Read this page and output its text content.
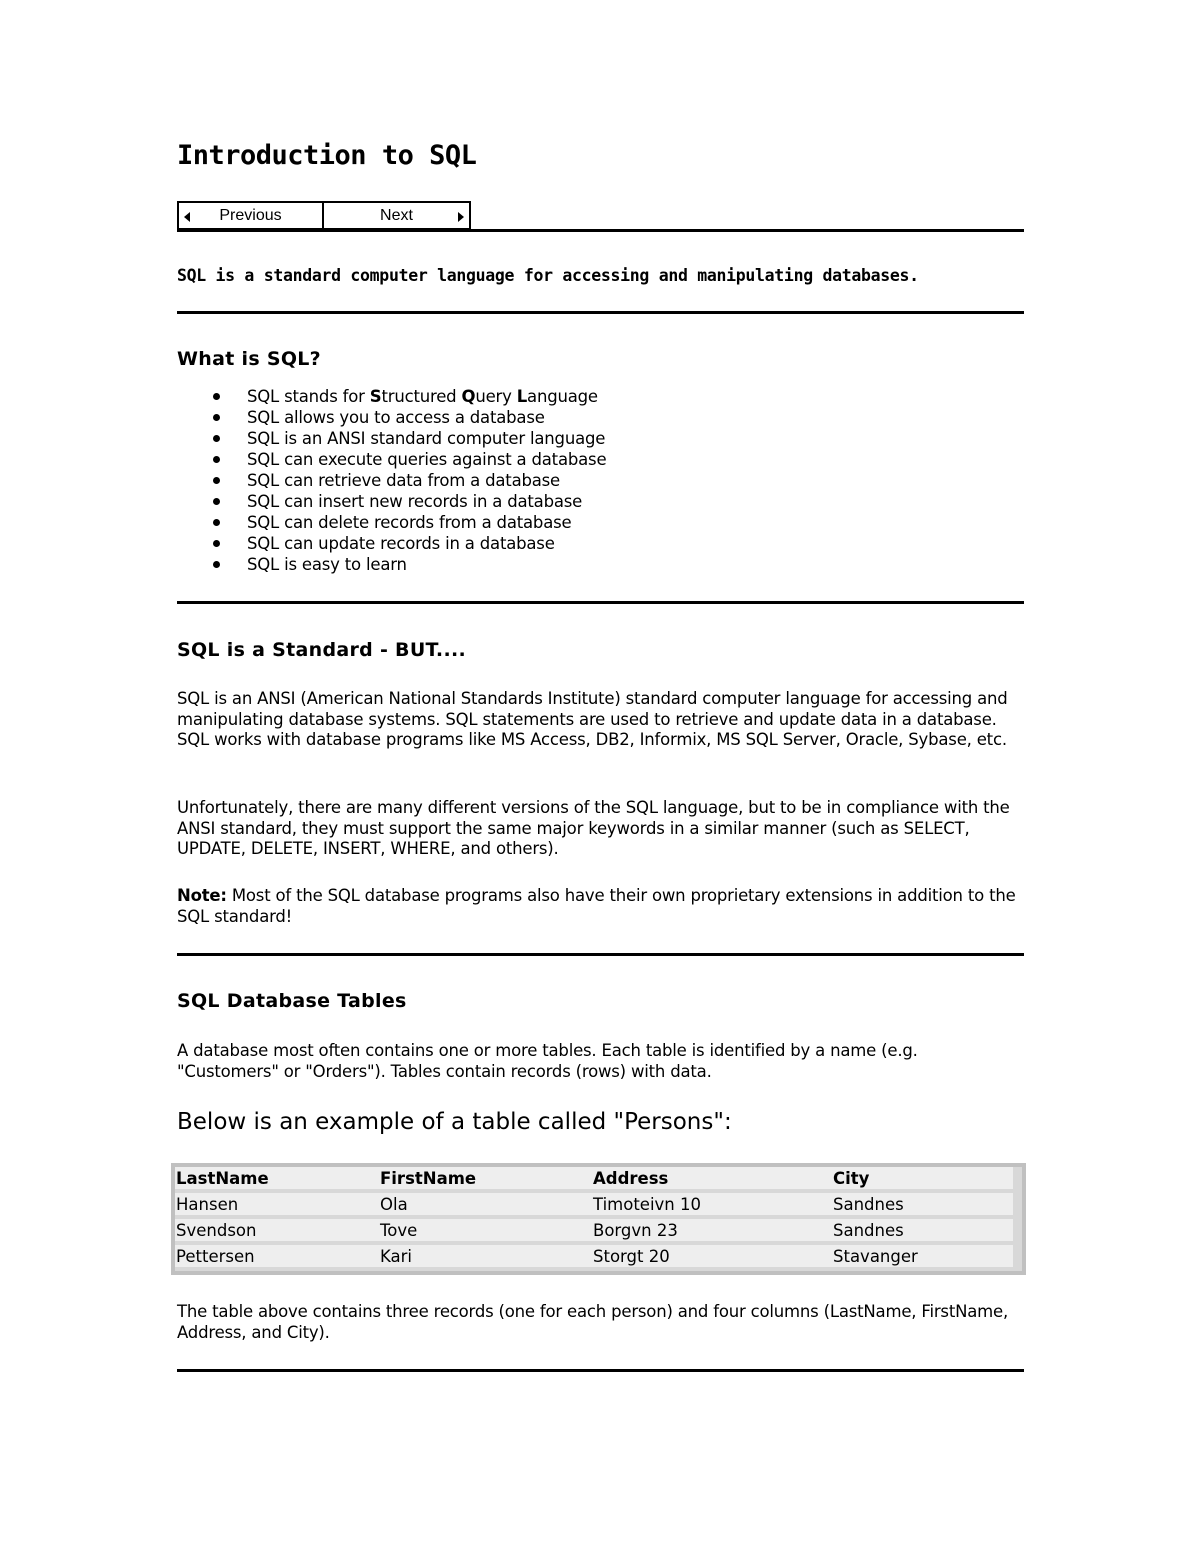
Introduction to SQL
Previous	Next

SQL is a standard computer language for accessing and manipulating databases.

What is SQL?
SQL stands for Structured Query Language
SQL allows you to access a database
SQL is an ANSI standard computer language
SQL can execute queries against a database
SQL can retrieve data from a database
SQL can insert new records in a database
SQL can delete records from a database
SQL can update records in a database
SQL is easy to learn
SQL is a Standard - BUT....

SQL is an ANSI (American National Standards Institute) standard computer language for accessing and manipulating database systems. SQL statements are used to retrieve and update data in a database. SQL works with database programs like MS Access, DB2, Informix, MS SQL Server, Oracle, Sybase, etc.

Unfortunately, there are many different versions of the SQL language, but to be in compliance with the ANSI standard, they must support the same major keywords in a similar manner (such as SELECT, UPDATE, DELETE, INSERT, WHERE, and others).

Note: Most of the SQL database programs also have their own proprietary extensions in addition to the SQL standard!

SQL Database Tables

A database most often contains one or more tables. Each table is identified by a name (e.g. "Customers" or "Orders"). Tables contain records (rows) with data.

Below is an example of a table called "Persons":

LastName	FirstName	Address	City
Hansen	Ola	Timoteivn 10	Sandnes
Svendson	Tove	Borgvn 23	Sandnes
Pettersen	Kari	Storgt 20	Stavanger

The table above contains three records (one for each person) and four columns (LastName, FirstName, Address, and City).
